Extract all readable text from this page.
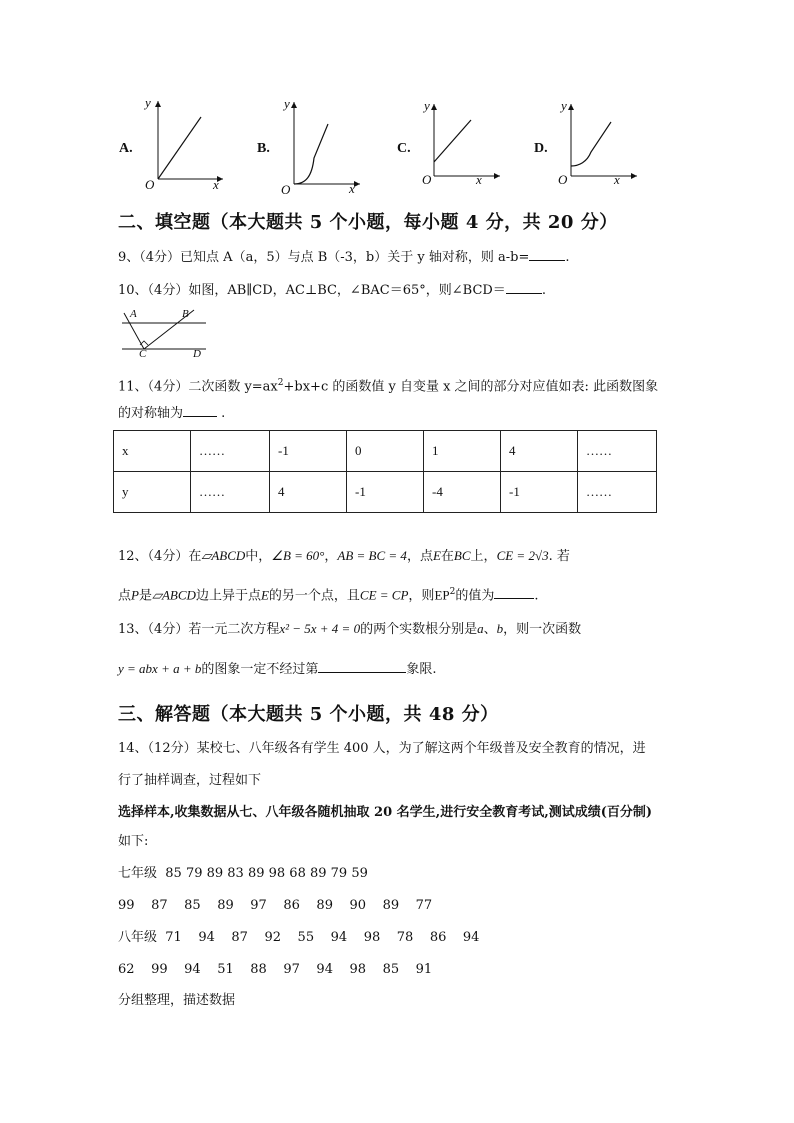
A.
y
O	x
B.
y
O	x
C.
y
O	x
D.
y
O	x
二、填空题（本大题共 5 个小题，每小题 4 分，共 20 分）
9、（4分）已知点 A（a，5）与点 B（-3，b）关于 y 轴对称，则 a-b=	.
10、（4分）如图，AB∥CD，AC⊥BC，∠BAC＝65°，则∠BCD＝	.
A	B
C	D
11、（4分）二次函数 $y=ax^2+bx+c$ 的函数值 y 自变量 x 之间的部分对应值如表: 此函数图象
的对称轴为	.
x	……	-1	0	1	4	……
y	……	4	-1	-4	-1	……
12、（4分）在▱ABCD中，∠B = 60°，AB = BC = 4，点E在BC上，CE = 2√3. 若
点P是▱ABCD边上异于点E的另一个点，且CE = CP，则$EP^2$的值为	.
13、（4分）若一元二次方程x² − 5x + 4 = 0的两个实数根分别是a、b，则一次函数
y = abx + a + b的图象一定不经过第	象限.
三、解答题（本大题共 5 个小题，共 48 分）
14、（12分）某校七、八年级各有学生 400 人，为了解这两个年级普及安全教育的情况，进
行了抽样调查，过程如下
选择样本,收集数据从七、八年级各随机抽取 20 名学生,进行安全教育考试,测试成绩(百分制)
如下:
七年级  85 79 89 83 89 98 68 89 79 59
99    87    85    89    97    86    89    90    89    77
八年级  71    94    87    92    55    94    98    78    86    94
62    99    94    51    88    97    94    98    85    91
分组整理，描述数据
